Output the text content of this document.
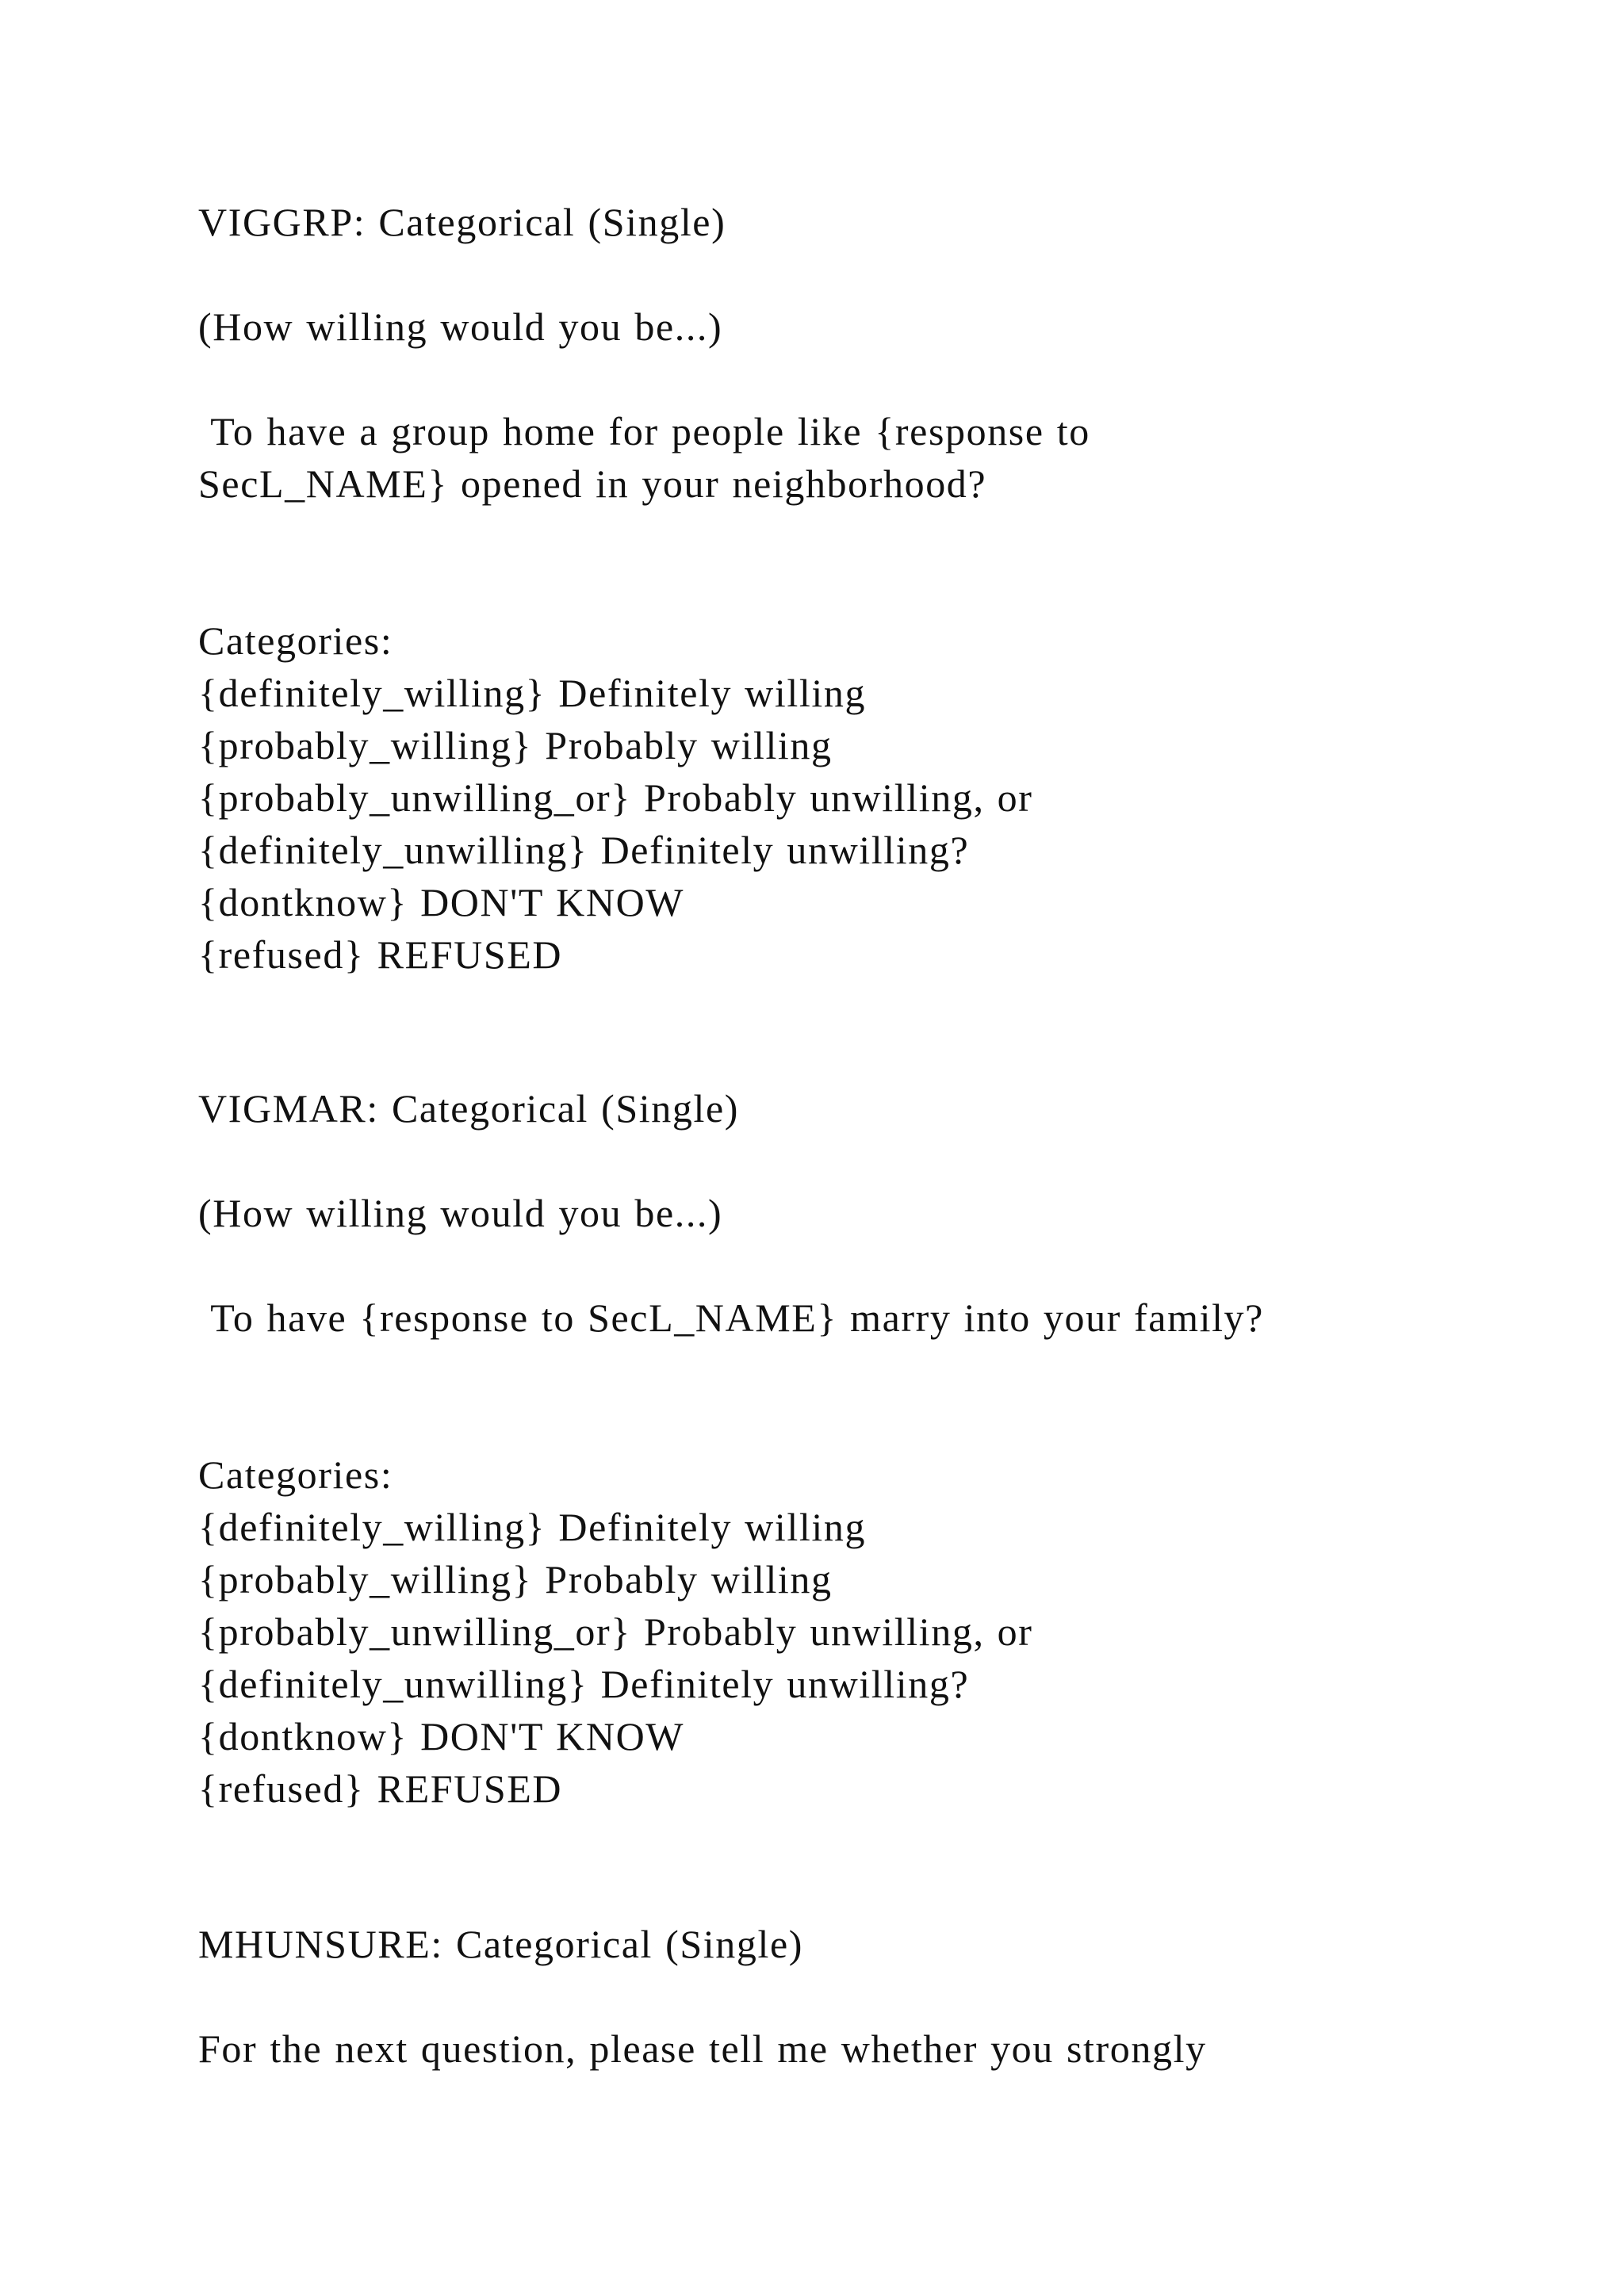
VIGGRP: Categorical (Single)
(How willing would you be...)
To have a group home for people like {response to
SecL_NAME} opened in your neighborhood?
Categories:
{definitely_willing} Definitely willing
{probably_willing} Probably willing
{probably_unwilling_or} Probably unwilling, or
{definitely_unwilling} Definitely unwilling?
{dontknow} DON'T KNOW
{refused} REFUSED
VIGMAR: Categorical (Single)
(How willing would you be...)
To have {response to SecL_NAME} marry into your family?
Categories:
{definitely_willing} Definitely willing
{probably_willing} Probably willing
{probably_unwilling_or} Probably unwilling, or
{definitely_unwilling} Definitely unwilling?
{dontknow} DON'T KNOW
{refused} REFUSED
MHUNSURE: Categorical (Single)
For the next question, please tell me whether you strongly
